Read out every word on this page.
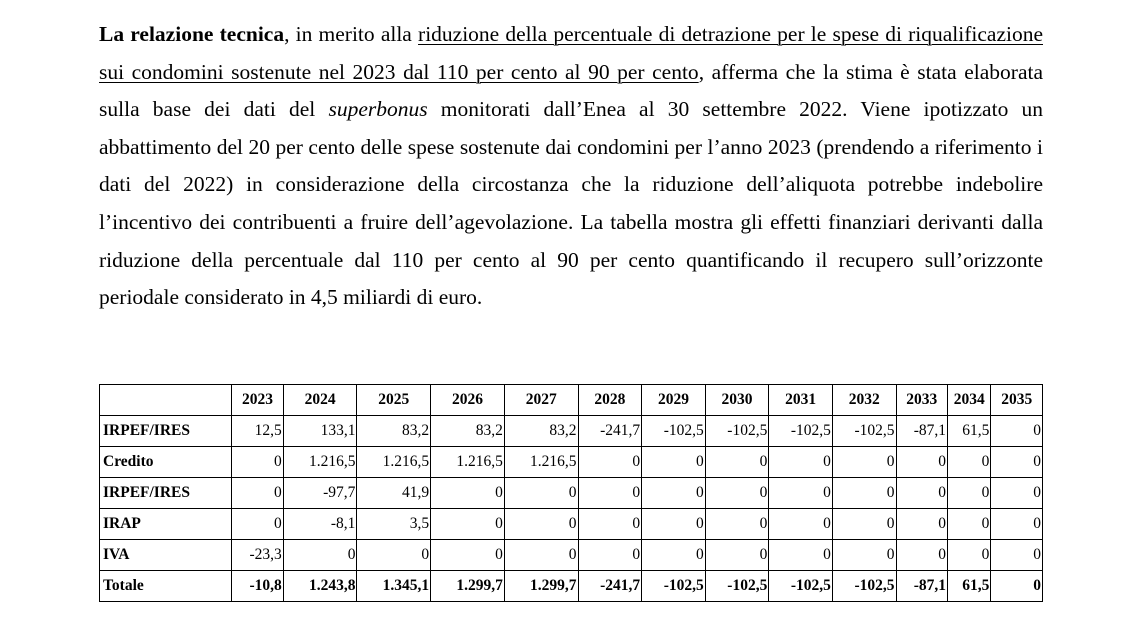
La relazione tecnica, in merito alla riduzione della percentuale di detrazione per le spese di riqualificazione sui condomini sostenute nel 2023 dal 110 per cento al 90 per cento, afferma che la stima è stata elaborata sulla base dei dati del superbonus monitorati dall’Enea al 30 settembre 2022. Viene ipotizzato un abbattimento del 20 per cento delle spese sostenute dai condomini per l’anno 2023 (prendendo a riferimento i dati del 2022) in considerazione della circostanza che la riduzione dell’aliquota potrebbe indebolire l’incentivo dei contribuenti a fruire dell’agevolazione. La tabella mostra gli effetti finanziari derivanti dalla riduzione della percentuale dal 110 per cento al 90 per cento quantificando il recupero sull’orizzonte periodale considerato in 4,5 miliardi di euro.

	2023	2024	2025	2026	2027	2028	2029	2030	2031	2032	2033	2034	2035
IRPEF/IRES	12,5	133,1	83,2	83,2	83,2	-241,7	-102,5	-102,5	-102,5	-102,5	-87,1	61,5	0
Credito	0	1.216,5	1.216,5	1.216,5	1.216,5	0	0	0	0	0	0	0	0
IRPEF/IRES	0	-97,7	41,9	0	0	0	0	0	0	0	0	0	0
IRAP	0	-8,1	3,5	0	0	0	0	0	0	0	0	0	0
IVA	-23,3	0	0	0	0	0	0	0	0	0	0	0	0
Totale	-10,8	1.243,8	1.345,1	1.299,7	1.299,7	-241,7	-102,5	-102,5	-102,5	-102,5	-87,1	61,5	0
